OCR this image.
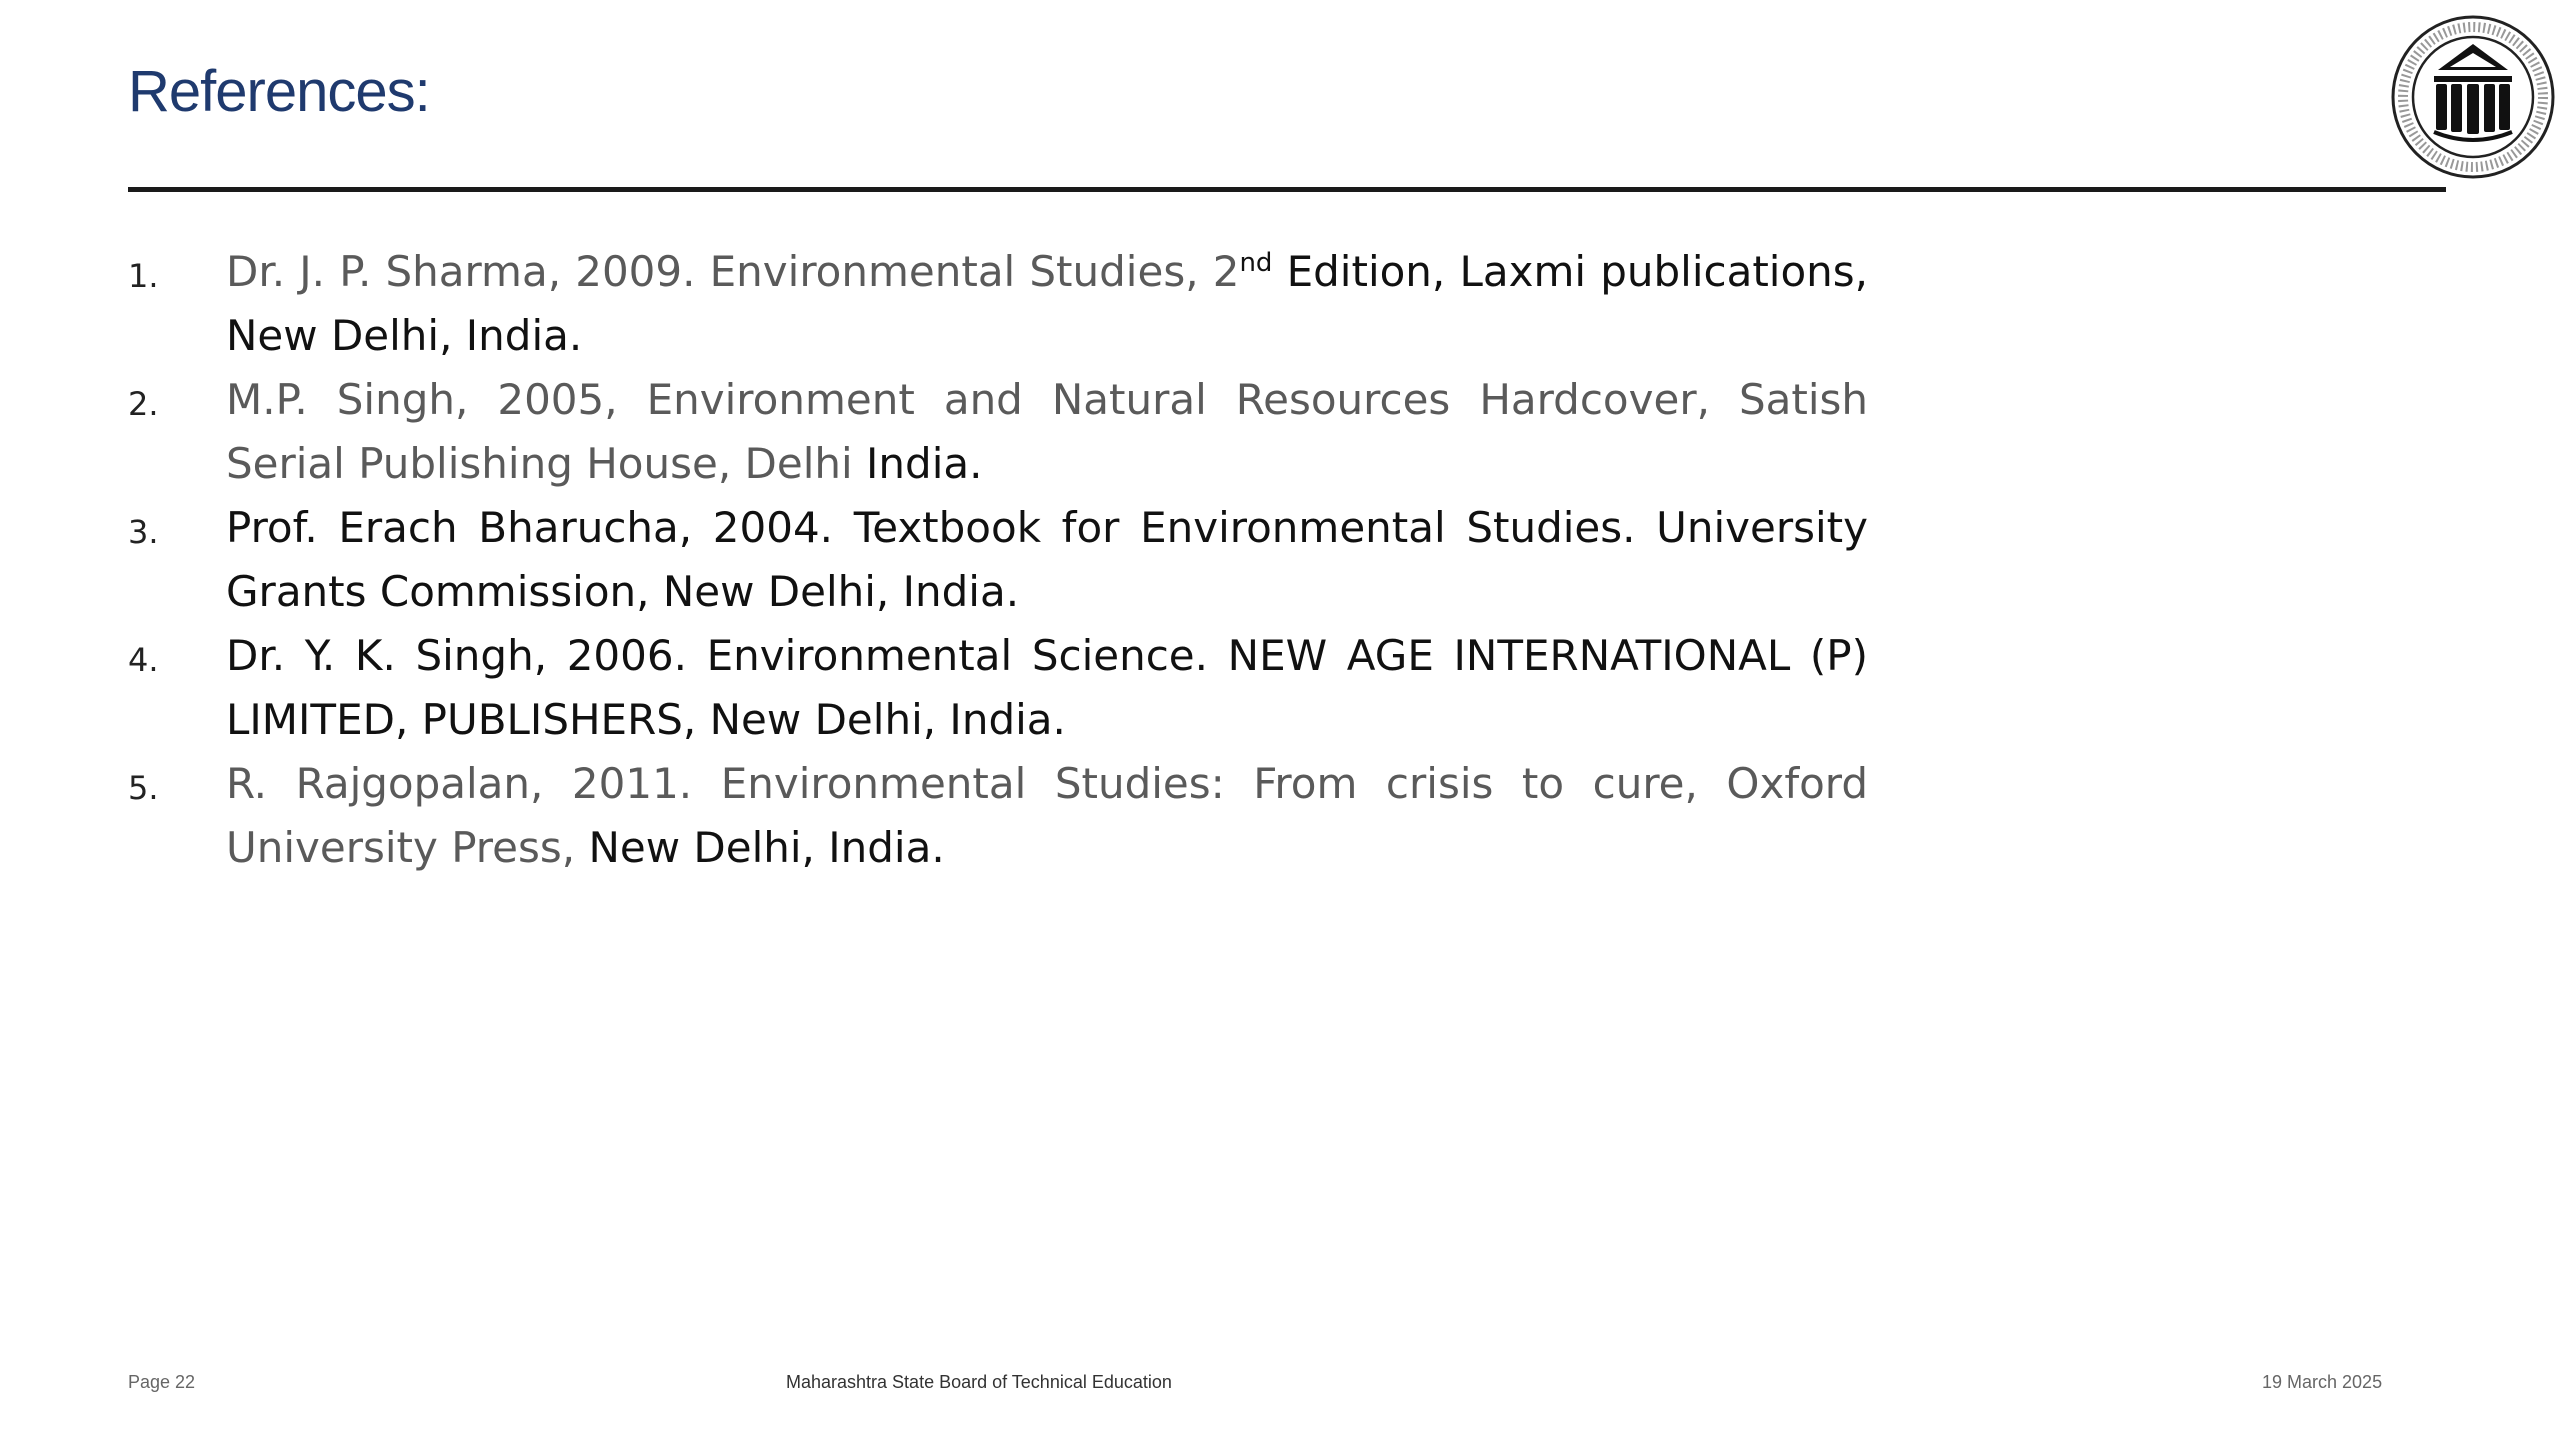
References:
1. Dr. J. P. Sharma, 2009. Environmental Studies, 2nd Edition, Laxmi publications, New Delhi, India.
2. M.P. Singh, 2005, Environment and Natural Resources Hardcover, Satish Serial Publishing House, Delhi India.
3. Prof. Erach Bharucha, 2004. Textbook for Environmental Studies. University Grants Commission, New Delhi, India.
4. Dr. Y. K. Singh, 2006. Environmental Science. NEW AGE INTERNATIONAL (P) LIMITED, PUBLISHERS, New Delhi, India.
5. R. Rajgopalan, 2011. Environmental Studies: From crisis to cure, Oxford University Press, New Delhi, India.
Page 22	Maharashtra State Board of Technical Education	19 March 2025
